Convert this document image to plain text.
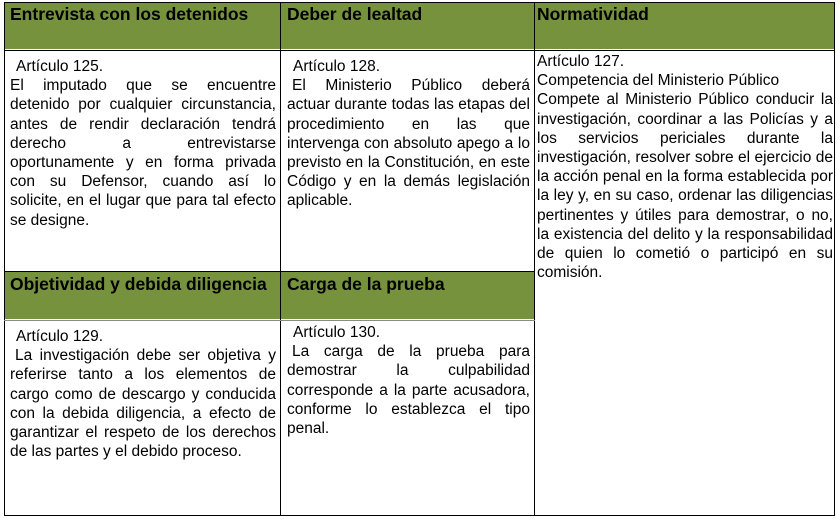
Entrevista con los detenidos	Deber de lealtad	Normatividad
Artículo 125.
El imputado que se encuentre detenido por cualquier circunstancia, antes de rendir declaración tendrá derecho a entrevistarse oportunamente y en forma privada con su Defensor, cuando así lo solicite, en el lugar que para tal efecto se designe.
Artículo 128.
El Ministerio Público deberá actuar durante todas las etapas del procedimiento en las que intervenga con absoluto apego a lo previsto en la Constitución, en este Código y en la demás legislación aplicable.
Artículo 127.
Competencia del Ministerio Público
Compete al Ministerio Público conducir la investigación, coordinar a las Policías y a los servicios periciales durante la investigación, resolver sobre el ejercicio de la acción penal en la forma establecida por la ley y, en su caso, ordenar las diligencias pertinentes y útiles para demostrar, o no, la existencia del delito y la responsabilidad de quien lo cometió o participó en su comisión.
Objetividad y debida diligencia	Carga de la prueba
Artículo 129.
La investigación debe ser objetiva y referirse tanto a los elementos de cargo como de descargo y conducida con la debida diligencia, a efecto de garantizar el respeto de los derechos de las partes y el debido proceso.
Artículo 130.
La carga de la prueba para demostrar la culpabilidad corresponde a la parte acusadora, conforme lo establezca el tipo penal.
